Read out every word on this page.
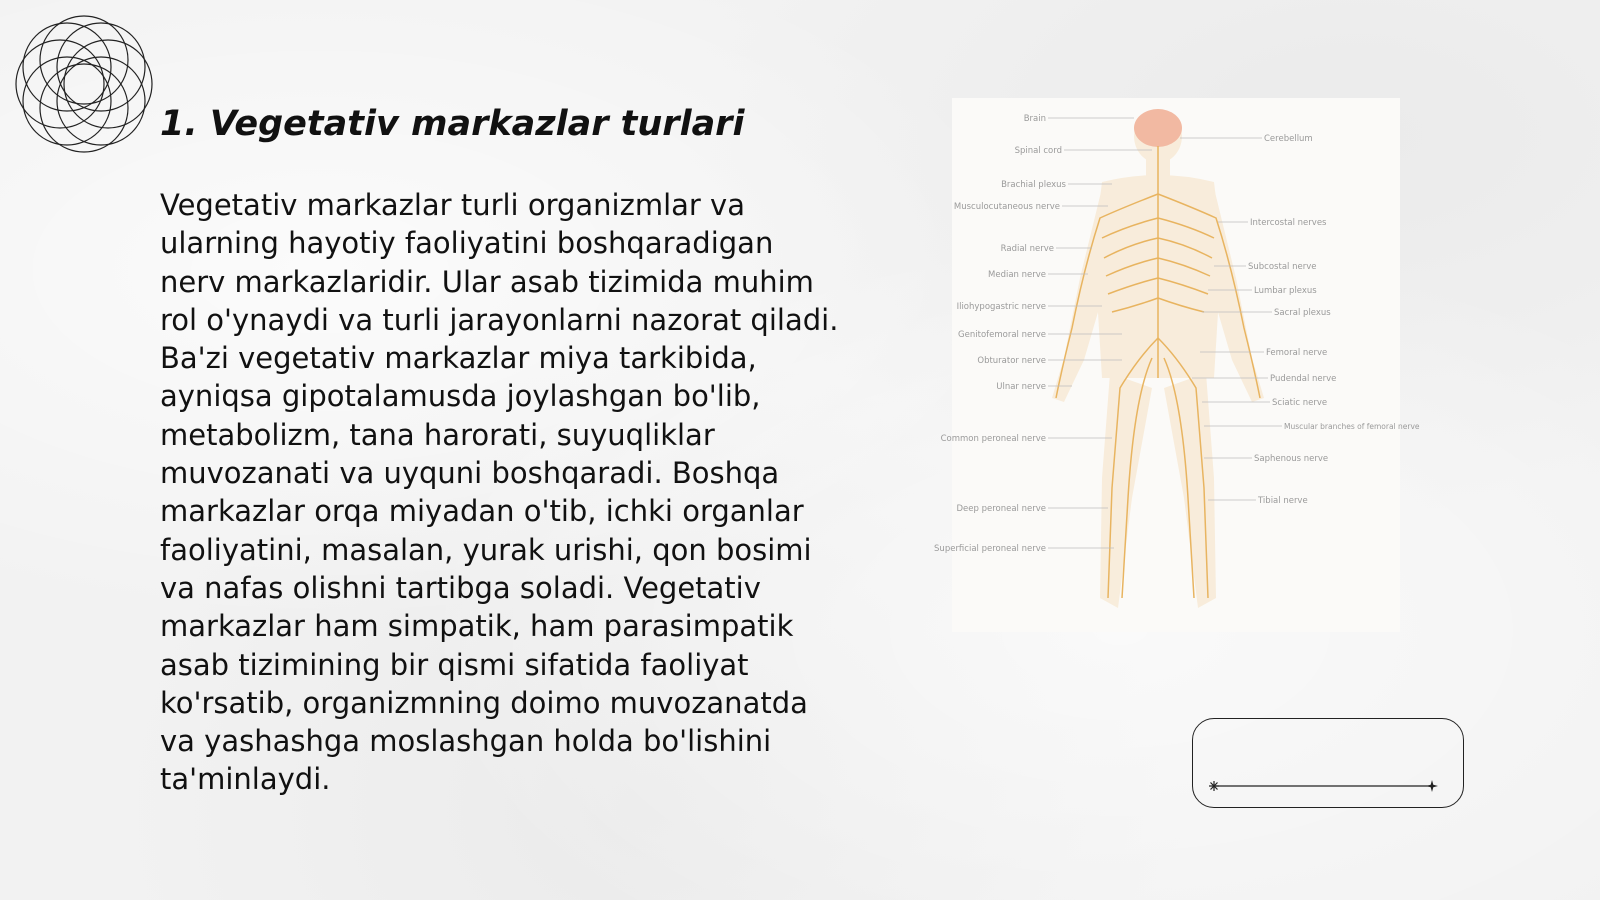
1. Vegetativ markazlar turlari

Vegetativ markazlar turli organizmlar va ularning hayotiy faoliyatini boshqaradigan nerv markazlaridir. Ular asab tizimida muhim rol o'ynaydi va turli jarayonlarni nazorat qiladi. Ba'zi vegetativ markazlar miya tarkibida, ayniqsa gipotalamusda joylashgan bo'lib, metabolizm, tana harorati, suyuqliklar muvozanati va uyquni boshqaradi. Boshqa markazlar orqa miyadan o'tib, ichki organlar faoliyatini, masalan, yurak urishi, qon bosimi va nafas olishni tartibga soladi. Vegetativ markazlar ham simpatik, ham parasimpatik asab tizimining bir qismi sifatida faoliyat ko'rsatib, organizmning doimo muvozanatda va yashashga moslashgan holda bo'lishini ta'minlaydi.

Brain
Spinal cord
Brachial plexus
Musculocutaneous nerve
Radial nerve
Median nerve
Iliohypogastric nerve
Genitofemoral nerve
Obturator nerve
Ulnar nerve
Common peroneal nerve
Deep peroneal nerve
Superficial peroneal nerve
Cerebellum
Intercostal nerves
Subcostal nerve
Lumbar plexus
Sacral plexus
Femoral nerve
Pudendal nerve
Sciatic nerve
Muscular branches of femoral nerve
Saphenous nerve
Tibial nerve
